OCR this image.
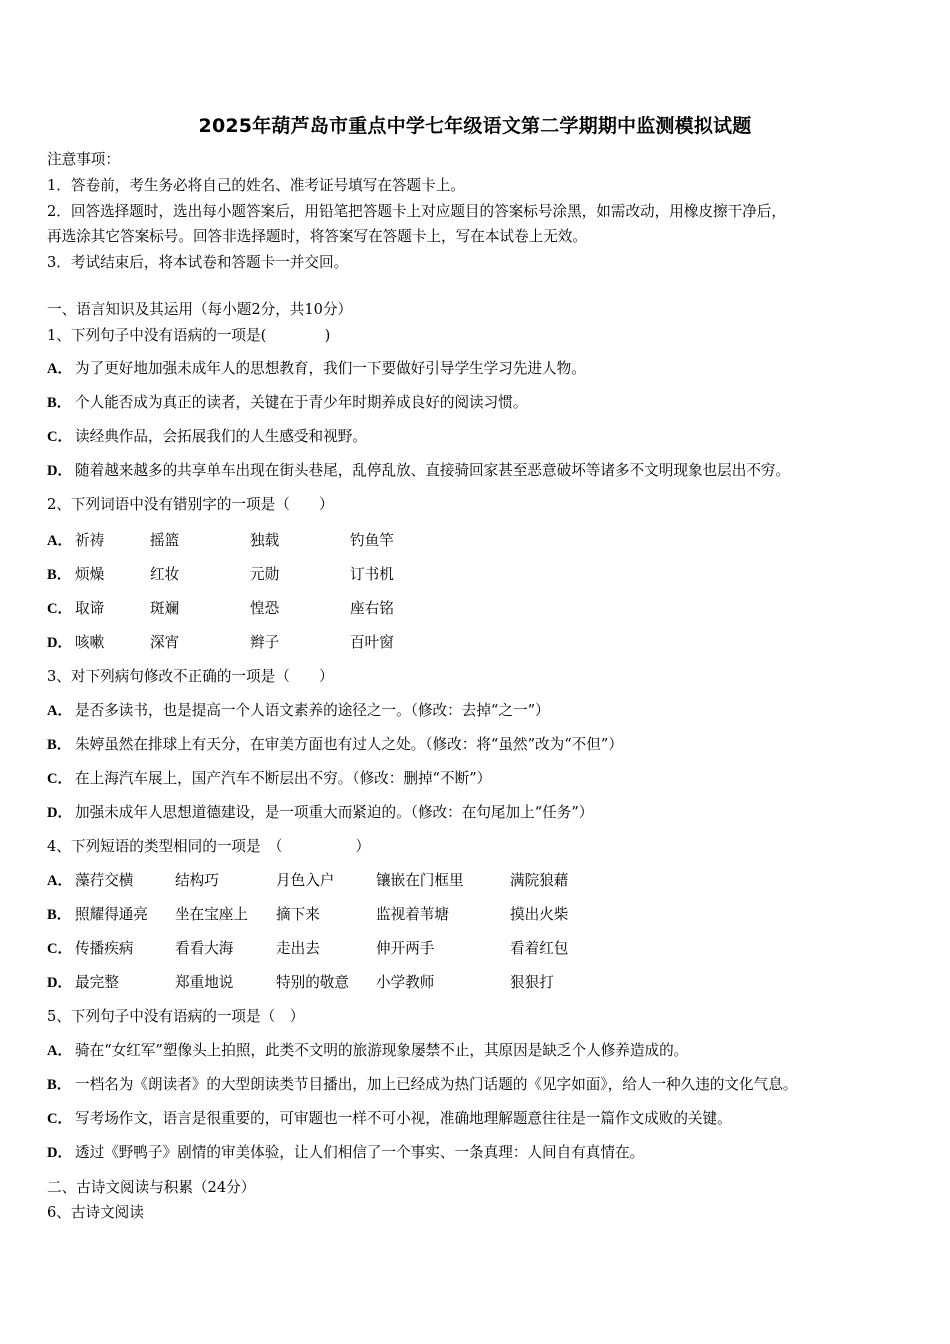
2025年葫芦岛市重点中学七年级语文第二学期期中监测模拟试题
注意事项：
1．答卷前，考生务必将自己的姓名、准考证号填写在答题卡上。
2．回答选择题时，选出每小题答案后，用铅笔把答题卡上对应题目的答案标号涂黑，如需改动，用橡皮擦干净后，
再选涂其它答案标号。回答非选择题时，将答案写在答题卡上，写在本试卷上无效。
3．考试结束后，将本试卷和答题卡一并交回。
一、语言知识及其运用（每小题2分，共10分）
1、下列句子中没有语病的一项是(　　　　)
A． 为了更好地加强未成年人的思想教育，我们一下要做好引导学生学习先进人物。
B． 个人能否成为真正的读者，关键在于青少年时期养成良好的阅读习惯。
C． 读经典作品，会拓展我们的人生感受和视野。
D． 随着越来越多的共享单车出现在街头巷尾，乱停乱放、直接骑回家甚至恶意破坏等诸多不文明现象也层出不穷。
2、下列词语中没有错别字的一项是（　　）
A． 祈祷	摇篮	独载	钓鱼竿
B． 烦燥	红妆	元勋	订书机
C． 取谛	斑斓	惶恐	座右铭
D． 咳嗽	深宵	辫子	百叶窗
3、对下列病句修改不正确的一项是（　　）
A． 是否多读书，也是提高一个人语文素养的途径之一。（修改：去掉“之一”）
B． 朱婷虽然在排球上有天分，在审美方面也有过人之处。（修改：将“虽然”改为“不但”）
C． 在上海汽车展上，国产汽车不断层出不穷。（修改：删掉“不断”）
D． 加强未成年人思想道德建设，是一项重大而紧迫的。（修改：在句尾加上“任务”）
4、下列短语的类型相同的一项是　（　　　　　）
A． 藻荇交横	结构巧	月色入户	镶嵌在门框里	满院狼藉
B． 照耀得通亮 坐在宝座上 摘下来	监视着苇塘	摸出火柴
C． 传播疾病	看看大海	走出去	伸开两手	看着红包
D． 最完整	郑重地说	特别的敬意 小学教师	狠狠打
5、下列句子中没有语病的一项是（　）
A． 骑在“女红军”塑像头上拍照，此类不文明的旅游现象屡禁不止，其原因是缺乏个人修养造成的。
B． 一档名为《朗读者》的大型朗读类节目播出，加上已经成为热门话题的《见字如面》，给人一种久违的文化气息。
C． 写考场作文，语言是很重要的，可审题也一样不可小视，准确地理解题意往往是一篇作文成败的关键。
D． 透过《野鸭子》剧情的审美体验，让人们相信了一个事实、一条真理：人间自有真情在。
二、古诗文阅读与积累（24分）
6、古诗文阅读
